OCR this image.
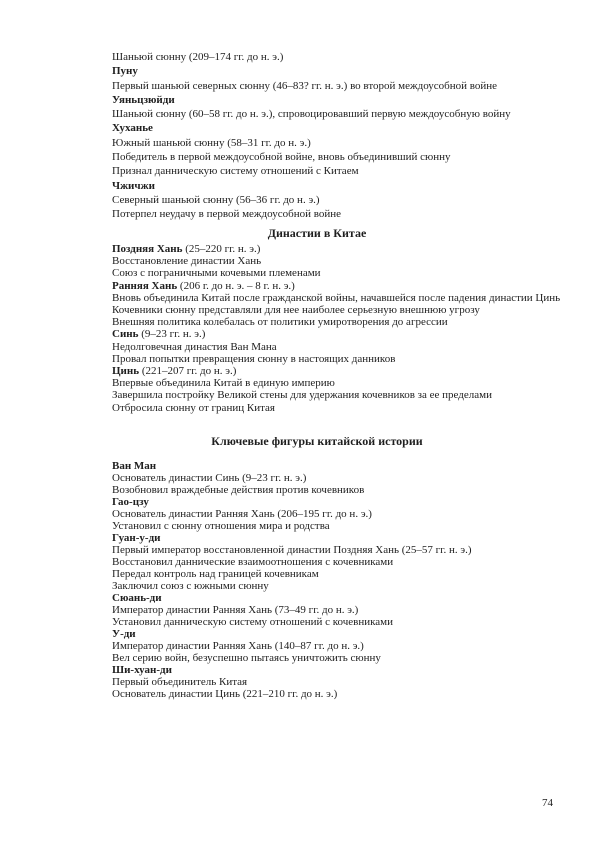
Шаньюй сюнну (209–174 гг. до н. э.)
Пуну
Первый шаньюй северных сюнну (46–83? гг. н. э.) во второй междоусобной войне
Уяньцзюйди
Шаньюй сюнну (60–58 гг. до н. э.), спровоцировавший первую междоусобную войну
Хуханье
Южный шаньюй сюнну (58–31 гг. до н. э.)
Победитель в первой междоусобной войне, вновь объединивший сюнну
Признал данническую систему отношений с Китаем
Чжичжи
Северный шаньюй сюнну (56–36 гг. до н. э.)
Потерпел неудачу в первой междоусобной войне
Династии в Китае
Поздняя Хань (25–220 гг. н. э.)
Восстановление династии Хань
Союз с пограничными кочевыми племенами
Ранняя Хань (206 г. до н. э. – 8 г. н. э.)
Вновь объединила Китай после гражданской войны, начавшейся после падения династии Цинь
Кочевники сюнну представляли для нее наиболее серьезную внешнюю угрозу
Внешняя политика колебалась от политики умиротворения до агрессии
Синь (9–23 гг. н. э.)
Недолговечная династия Ван Мана
Провал попытки превращения сюнну в настоящих данников
Цинь (221–207 гг. до н. э.)
Впервые объединила Китай в единую империю
Завершила постройку Великой стены для удержания кочевников за ее пределами
Отбросила сюнну от границ Китая
Ключевые фигуры китайской истории
Ван Ман
Основатель династии Синь (9–23 гг. н. э.)
Возобновил враждебные действия против кочевников
Гао-цзу
Основатель династии Ранняя Хань (206–195 гг. до н. э.)
Установил с сюнну отношения мира и родства
Гуан-у-ди
Первый император восстановленной династии Поздняя Хань (25–57 гг. н. э.)
Восстановил даннические взаимоотношения с кочевниками
Передал контроль над границей кочевникам
Заключил союз с южными сюнну
Сюань-ди
Император династии Ранняя Хань (73–49 гг. до н. э.)
Установил данническую систему отношений с кочевниками
У-ди
Император династии Ранняя Хань (140–87 гг. до н. э.)
Вел серию войн, безуспешно пытаясь уничтожить сюнну
Ши-хуан-ди
Первый объединитель Китая
Основатель династии Цинь (221–210 гг. до н. э.)
74
